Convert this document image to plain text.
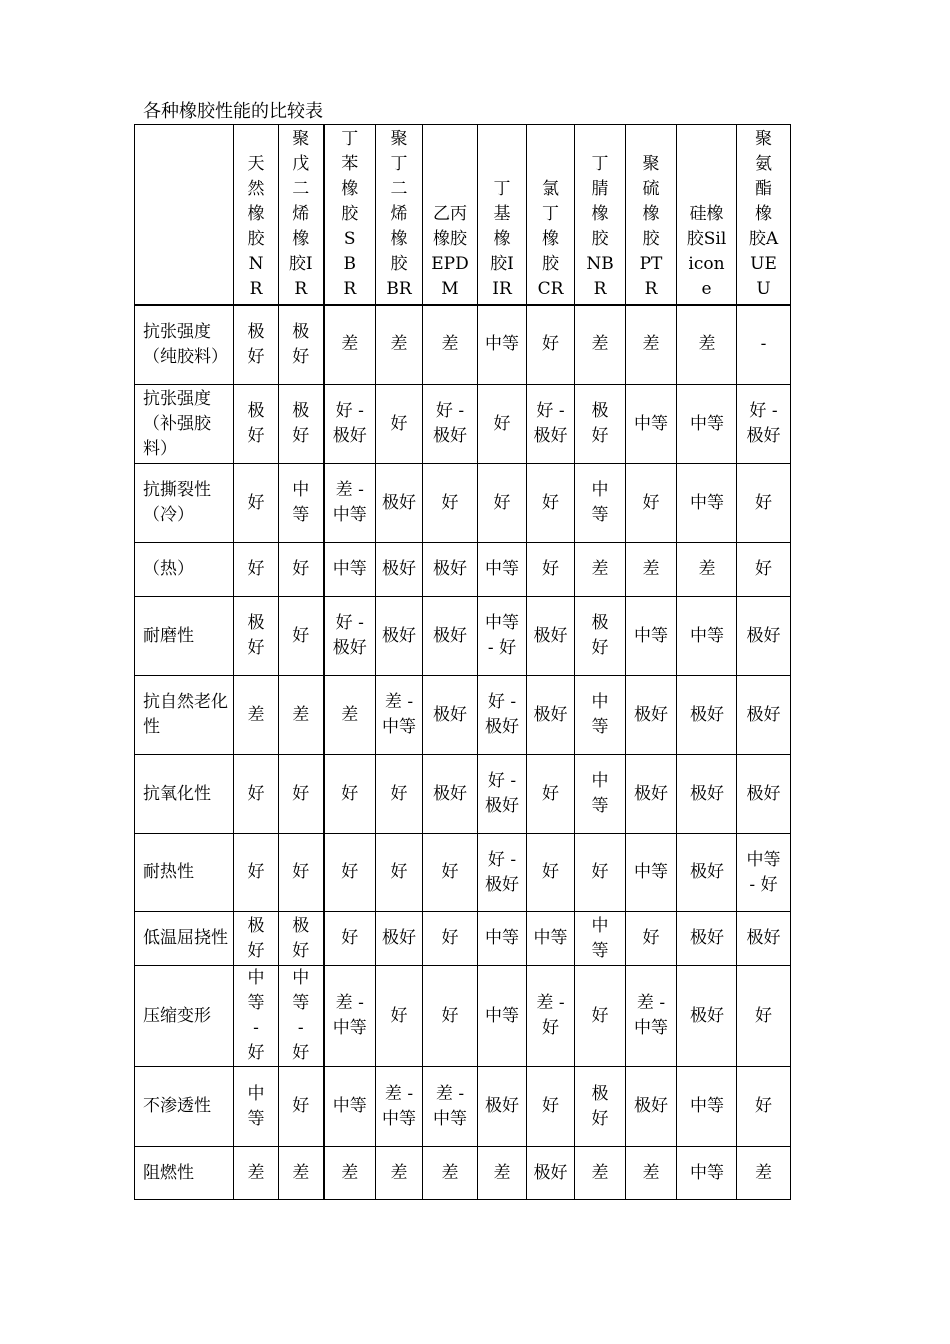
各种橡胶性能的比较表

	天然橡胶NR	聚戊二烯橡胶IR	丁苯橡胶SBR	聚丁二烯橡胶BR	乙丙橡胶EPDM	丁基橡胶IIR	氯丁橡胶CR	丁腈橡胶NBR	聚硫橡胶PTR	硅橡胶Silicone	聚氨酯橡胶AUEU

抗张强度（纯胶料）	极好	极好	差	差	差	中等	好	差	差	差	-

抗张强度（补强胶料）	极好	极好	好 - 极好	好	好 - 极好	好	好 - 极好	极好	中等	中等	好 - 极好

抗撕裂性（冷）	好	中等	差 - 中等	极好	好	好	好	中等	好	中等	好

（热）	好	好	中等	极好	极好	中等	好	差	差	差	好

耐磨性	极好	好	好 - 极好	极好	极好	中等 - 好	极好	极好	中等	中等	极好

抗自然老化性	差	差	差	差 - 中等	极好	好 - 极好	极好	中等	极好	极好	极好

抗氧化性	好	好	好	好	极好	好 - 极好	好	中等	极好	极好	极好

耐热性	好	好	好	好	好	好 - 极好	好	好	中等	极好	中等 - 好

低温屈挠性	极好	极好	好	极好	好	中等	中等	中等	好	极好	极好

压缩变形	中等 - 好	中等 - 好	差 - 中等	好	好	中等	差 - 好	好	差 - 中等	极好	好

不渗透性	中等	好	中等	差 - 中等	差 - 中等	极好	好	极好	极好	中等	好

阻燃性	差	差	差	差	差	差	极好	差	差	中等	差
